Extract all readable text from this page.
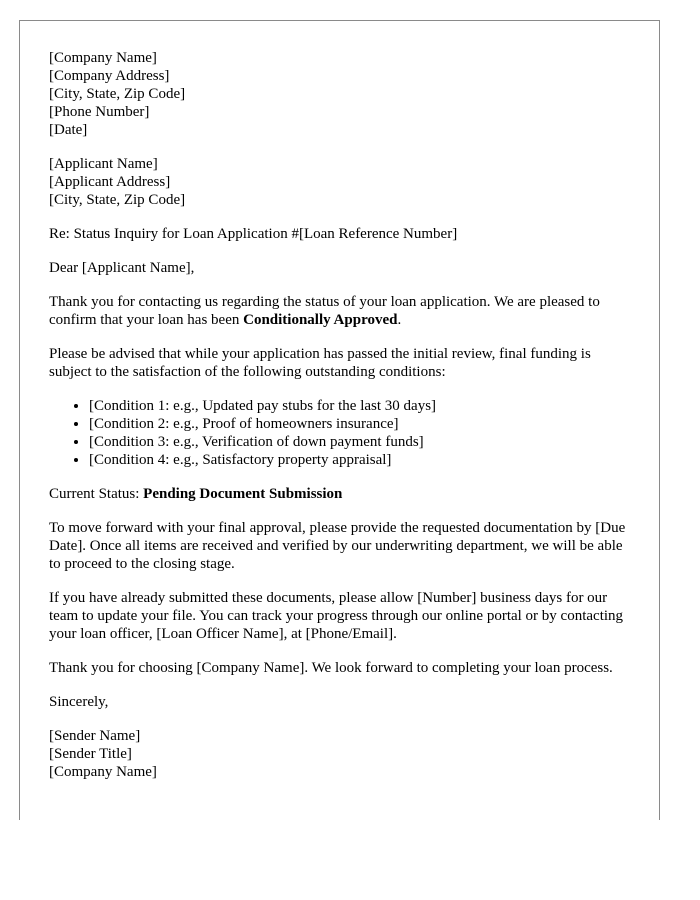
[Company Name]
[Company Address]
[City, State, Zip Code]
[Phone Number]
[Date]
[Applicant Name]
[Applicant Address]
[City, State, Zip Code]

Re: Status Inquiry for Loan Application #[Loan Reference Number]

Dear [Applicant Name],

Thank you for contacting us regarding the status of your loan application. We are pleased to confirm that your loan has been Conditionally Approved.

Please be advised that while your application has passed the initial review, final funding is subject to the satisfaction of the following outstanding conditions:

• [Condition 1: e.g., Updated pay stubs for the last 30 days]
• [Condition 2: e.g., Proof of homeowners insurance]
• [Condition 3: e.g., Verification of down payment funds]
• [Condition 4: e.g., Satisfactory property appraisal]

Current Status: Pending Document Submission

To move forward with your final approval, please provide the requested documentation by [Due Date]. Once all items are received and verified by our underwriting department, we will be able to proceed to the closing stage.

If you have already submitted these documents, please allow [Number] business days for our team to update your file. You can track your progress through our online portal or by contacting your loan officer, [Loan Officer Name], at [Phone/Email].

Thank you for choosing [Company Name]. We look forward to completing your loan process.

Sincerely,

[Sender Name]
[Sender Title]
[Company Name]
